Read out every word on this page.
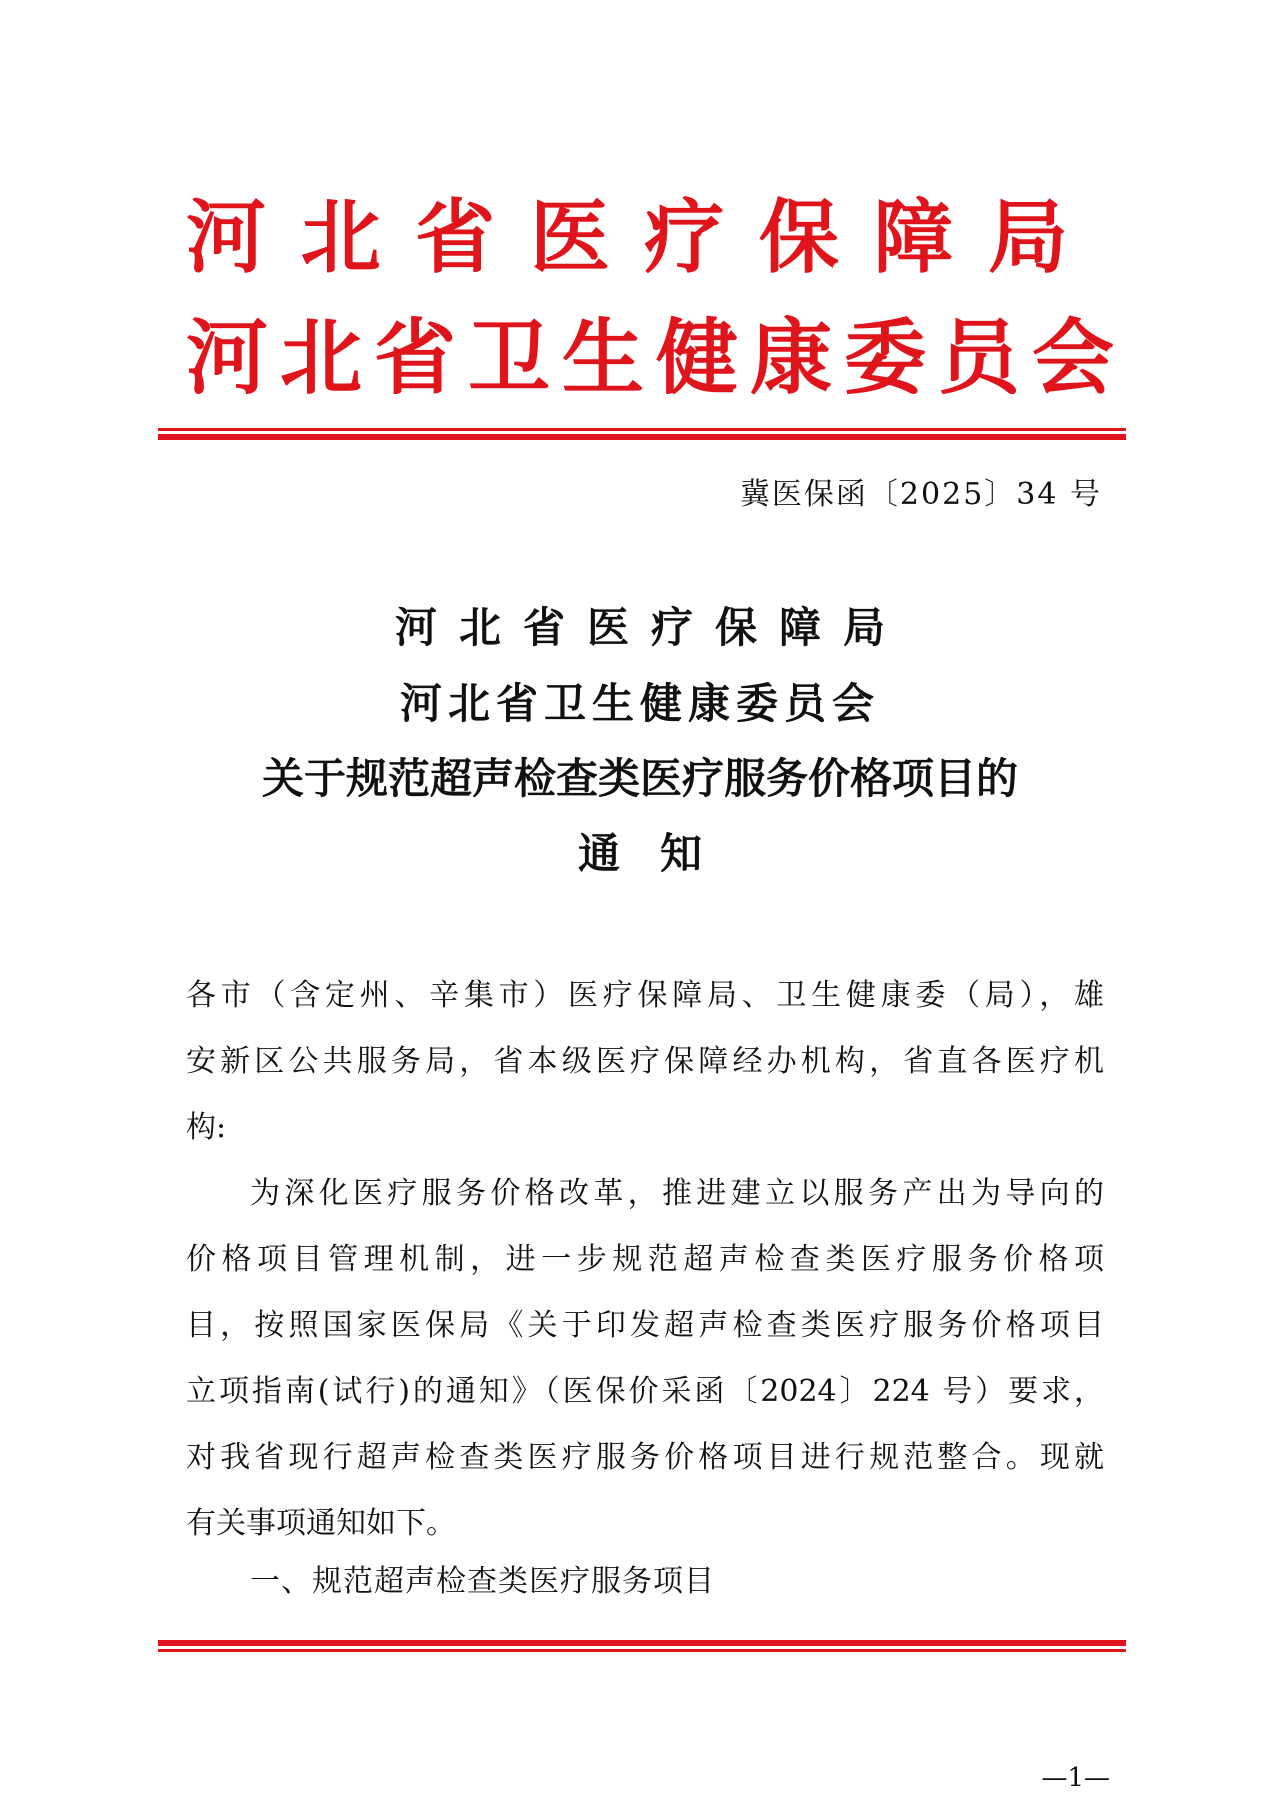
河北省医疗保障局
河北省卫生健康委员会
冀医保函〔2025〕34 号
河北省医疗保障局
河北省卫生健康委员会
关于规范超声检查类医疗服务价格项目的
通知
各市（含定州、辛集市）医疗保障局、卫生健康委（局），雄
安新区公共服务局，省本级医疗保障经办机构，省直各医疗机
构:
为深化医疗服务价格改革，推进建立以服务产出为导向的
价格项目管理机制，进一步规范超声检查类医疗服务价格项
目，按照国家医保局《关于印发超声检查类医疗服务价格项目
立项指南(试行)的通知》（医保价采函〔2024〕224 号）要求，
对我省现行超声检查类医疗服务价格项目进行规范整合。现就
有关事项通知如下。
一、规范超声检查类医疗服务项目
—1—
